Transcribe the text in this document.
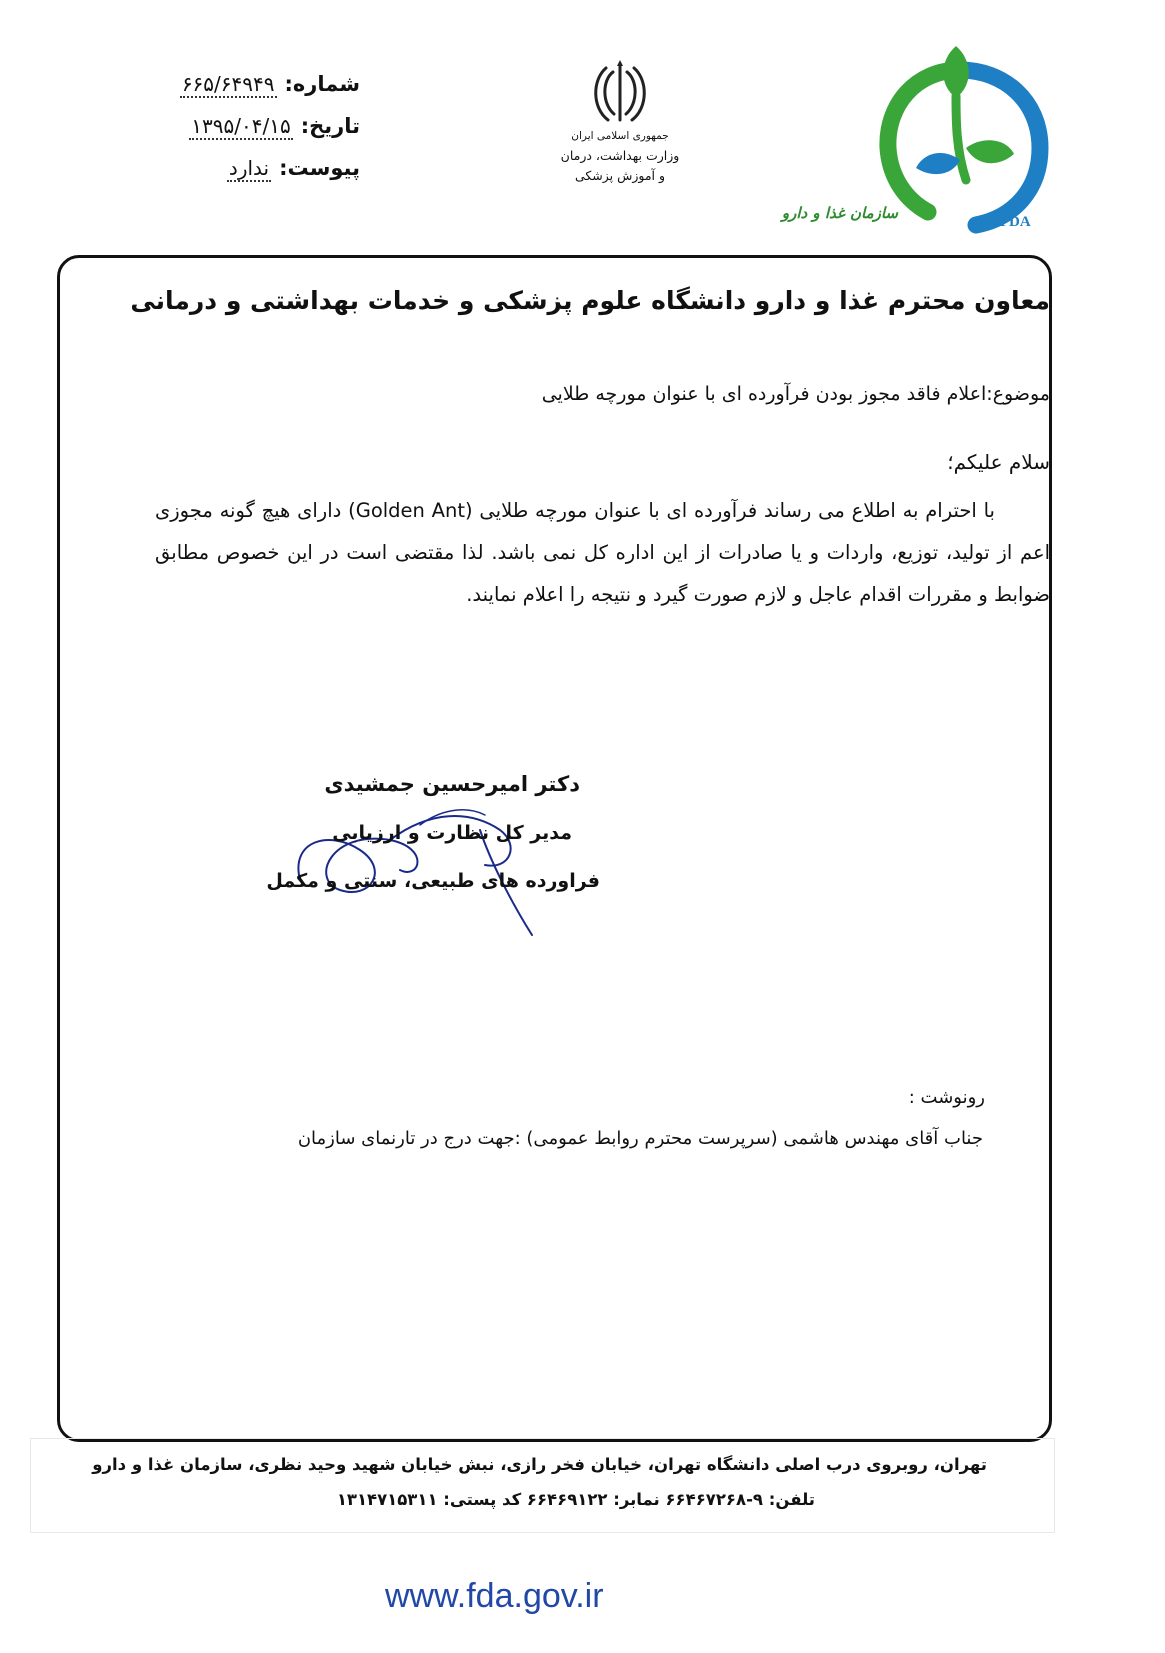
شماره:
۶۶۵/۶۴۹۴۹
تاریخ:
۱۳۹۵/۰۴/۱۵
پیوست:
ندارد
جمهوری اسلامی ایران
وزارت بهداشت، درمان
و آموزش پزشکی
IFDA
سازمان غذا و دارو
معاون محترم غذا و دارو دانشگاه علوم پزشکی و خدمات بهداشتی و درمانی
موضوع:اعلام فاقد مجوز بودن فرآورده ای با عنوان مورچه طلایی
سلام علیکم؛

با احترام به اطلاع می رساند فرآورده ای با عنوان مورچه طلایی (Golden Ant) دارای هیچ گونه مجوزی اعم از تولید، توزیع، واردات و یا صادرات از این اداره کل نمی باشد. لذا مقتضی است در این خصوص مطابق ضوابط و مقررات اقدام عاجل و لازم صورت گیرد و نتیجه را اعلام نمایند.

دکتر امیرحسین جمشیدی
مدیر کل نظارت و ارزیابی
فراورده های طبیعی، سنتی و مکمل
رونوشت :
جناب آقای مهندس هاشمی (سرپرست محترم روابط عمومی) :جهت درج در تارنمای سازمان
تهران، روبروی درب اصلی دانشگاه تهران، خیابان فخر رازی، نبش خیابان شهید وحید نظری، سازمان غذا و دارو
تلفن: ۹-۶۶۴۶۷۲۶۸ نمابر: ۶۶۴۶۹۱۲۲ کد پستی: ۱۳۱۴۷۱۵۳۱۱
www.fda.gov.ir
